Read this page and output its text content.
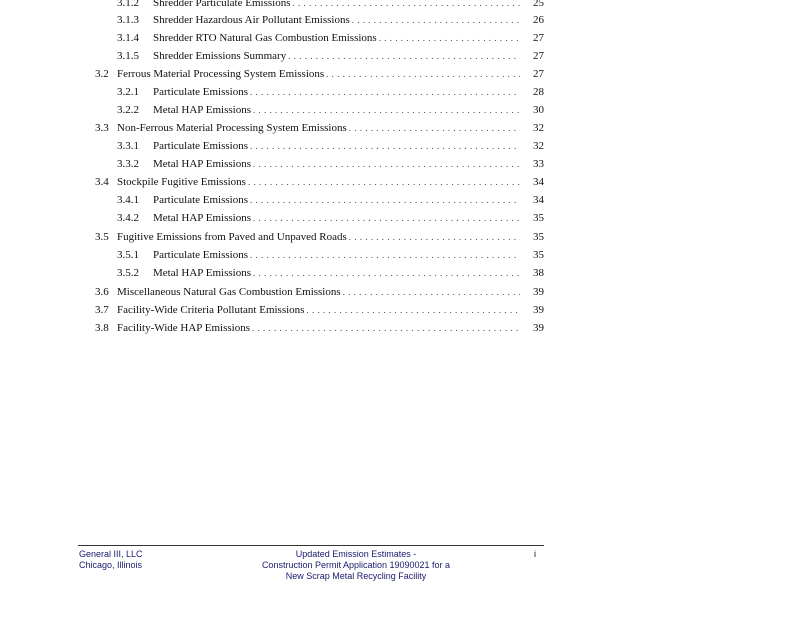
3.1.2	Shredder Particulate Emissions . . .	25
3.1.3	Shredder Hazardous Air Pollutant Emissions . . .	26
3.1.4	Shredder RTO Natural Gas Combustion Emissions . . .	27
3.1.5	Shredder Emissions Summary . . .	27
3.2 Ferrous Material Processing System Emissions . . .	27
3.2.1	Particulate Emissions . . .	28
3.2.2	Metal HAP Emissions . . .	30
3.3 Non-Ferrous Material Processing System Emissions . . .	32
3.3.1	Particulate Emissions . . .	32
3.3.2	Metal HAP Emissions . . .	33
3.4 Stockpile Fugitive Emissions . . .	34
3.4.1	Particulate Emissions . . .	34
3.4.2	Metal HAP Emissions . . .	35
3.5 Fugitive Emissions from Paved and Unpaved Roads . . .	35
3.5.1	Particulate Emissions . . .	35
3.5.2	Metal HAP Emissions . . .	38
3.6 Miscellaneous Natural Gas Combustion Emissions . . .	39
3.7 Facility-Wide Criteria Pollutant Emissions . . .	39
3.8 Facility-Wide HAP Emissions . . .	39
General III, LLC
Chicago, Illinois
Updated Emission Estimates -
Construction Permit Application 19090021 for a
New Scrap Metal Recycling Facility
i
